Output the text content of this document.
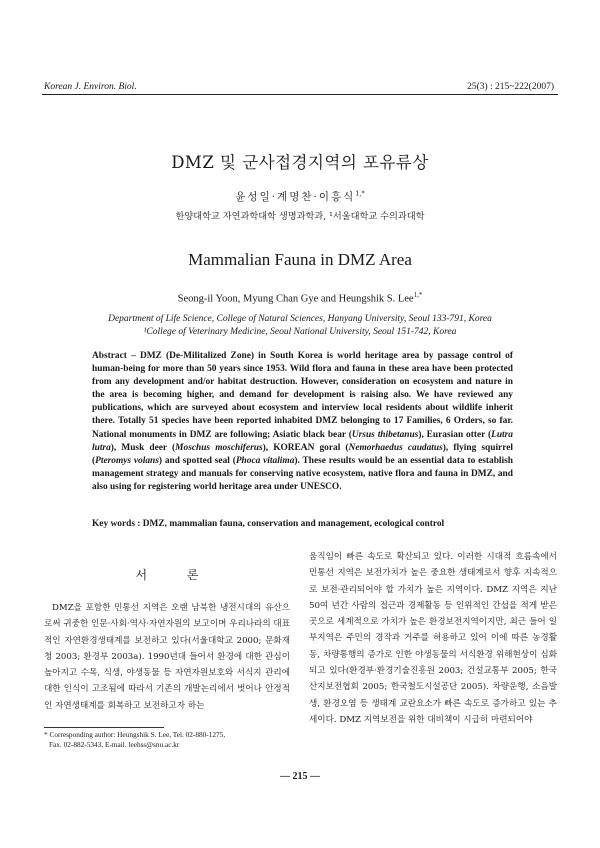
Korean J. Environ. Biol.	25(3) : 215~222(2007)
DMZ 및 군사접경지역의 포유류상
윤성일·계명찬·이흥식$^{1,*}$
한양대학교 자연과학대학 생명과학과, ¹서울대학교 수의과대학
Mammalian Fauna in DMZ Area
Seong-il Yoon, Myung Chan Gye and Heungshik S. Lee$^{1,*}$
Department of Life Science, College of Natural Sciences, Hanyang University, Seoul 133-791, Korea
¹College of Veterinary Medicine, Seoul National University, Seoul 151-742, Korea
Abstract – DMZ (De-Militalized Zone) in South Korea is world heritage area by passage control of human-being for more than 50 years since 1953. Wild flora and fauna in these area have been protected from any development and/or habitat destruction. However, consideration on ecosystem and nature in the area is becoming higher, and demand for development is raising also. We have reviewed any publications, which are surveyed about ecosystem and interview local residents about wildlife inherit there. Totally 51 species have been reported inhabited DMZ belonging to 17 Families, 6 Orders, so far. National monuments in DMZ are following; Asiatic black bear (Ursus thibetanus), Eurasian otter (Lutra lutra), Musk deer (Moschus moschiferus), KOREAN goral (Nemorhaedus caudatus), flying squirrel (Pteromys volans) and spotted seal (Phoca vitalima). These results would be an essential data to establish management strategy and manuals for conserving native ecosystem, native flora and fauna in DMZ, and also using for registering world heritage area under UNESCO.
Key words : DMZ, mammalian fauna, conservation and management, ecological control
서 론

DMZ을 포함한 민통선 지역은 오랜 남북한 냉전시대의 유산으로써 귀중한 인문·사회·역사·자연자원의 보고이며 우리나라의 대표적인 자연환경생태계를 보전하고 있다(서울대학교 2000; 문화재청 2003; 환경부 2003a). 1990년대 들어서 환경에 대한 관심이 높아지고 수목, 식생, 야생동물 등 자연자원보호와 서식지 관리에 대한 인식이 고조됨에 따라서 기존의 개발논리에서 벗어나 안정적인 자연생태계를 회복하고 보전하고자 하는

움직임이 빠른 속도로 확산되고 있다. 이러한 시대적 흐름속에서 민통선 지역은 보전가치가 높은 중요한 생태계로서 향후 지속적으로 보전·관리되어야 할 가치가 높은 지역이다. DMZ 지역은 지난 50여 년간 사람의 접근과 경제활동 등 인위적인 간섭을 적게 받은 곳으로 세계적으로 가치가 높은 환경보전지역이지만, 최근 들어 일부지역은 주민의 경작과 거주를 허용하고 있어 이에 따른 농경활동, 차량통행의 증가로 인한 야생동물의 서식환경 위해현상이 심화되고 있다(환경부·환경기술진흥원 2003; 건설교통부 2005; 한국산지보전협회 2005; 한국철도시설공단 2005). 차량운행, 소음발생, 환경오염 등 생태계 교란요소가 빠른 속도로 증가하고 있는 추세이다. DMZ 지역보전을 위한 대비책이 시급히 마련되어야

* Corresponding author: Heungshik S. Lee, Tel. 02-880-1275,
Fax. 02-882-5343, E-mail. leehss@snu.ac.kr
— 215 —
